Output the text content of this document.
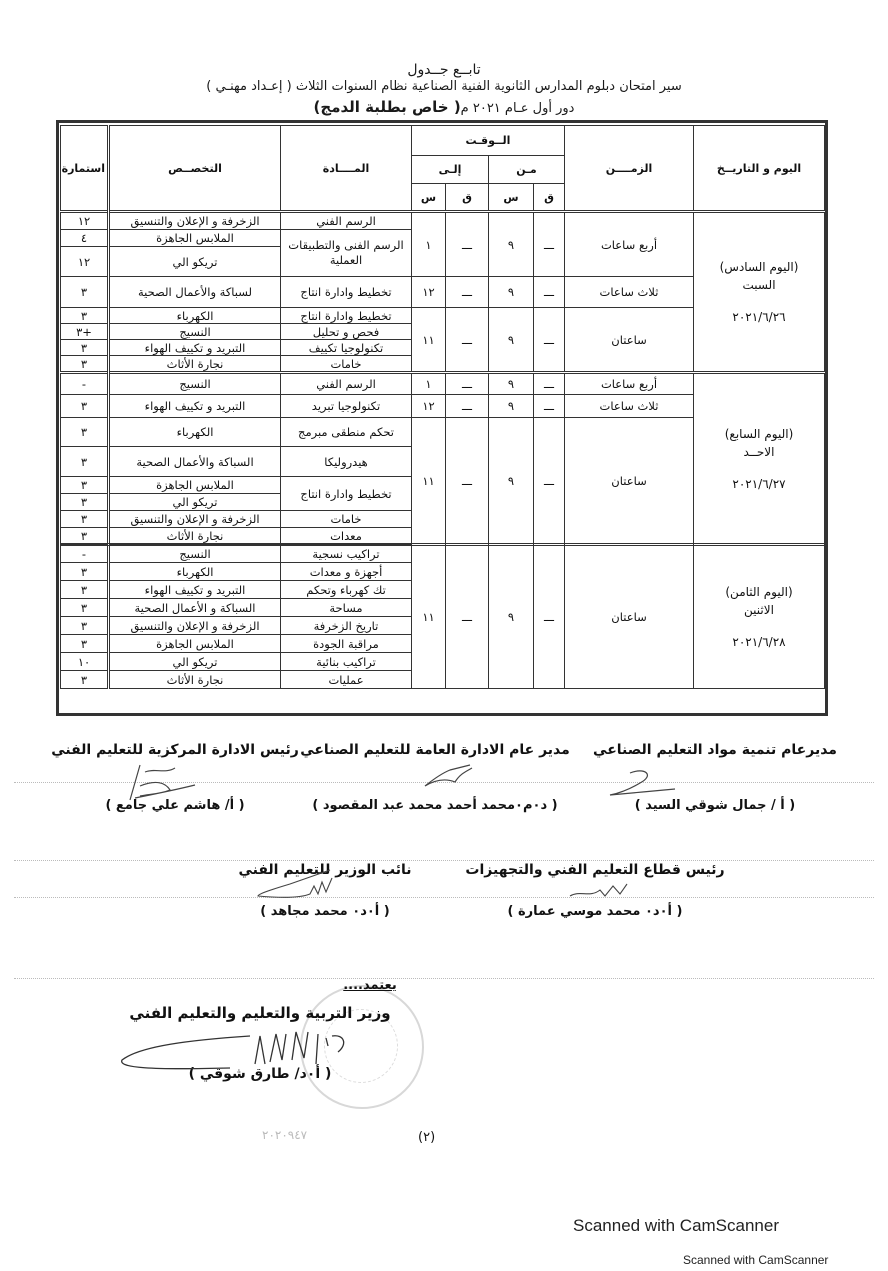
تابــع جــدول
سير امتحان دبلوم المدارس الثانوية الفنية الصناعية نظام السنوات الثلاث ( إعـداد مهنـي )
دور أول عـام ٢٠٢١ م( خاص بطلبة الدمج)
اليوم و التاريــخ	الزمــــن	الــوقـت				المــــادة	التخصــص	استمارة
		مـن		إلـى				
		ق	س	ق	س			

(اليوم السادس)
السبت
٢٠٢١/٦/٢٦	أربع ساعات	ـــ	٩	ـــ	١	الرسم الفني	الزخرفة و الإعلان والتنسيق	١٢
						الرسم الفنى والتطبيقات العملية	الملابس الجاهزة	٤
							تريكو الي	١٢
	ثلاث ساعات	ـــ	٩	ـــ	١٢	تخطيط وادارة انتاج	لسباكة والأعمال الصحية	٣
	ساعتان	ـــ	٩	ـــ	١١	تخطيط وادارة انتاج	الكهرباء	٣
						فحص و تحليل	النسيج	+٣
						تكنولوجيا تكييف	التبريد و تكييف الهواء	٣
						خامات	نجارة الأثاث	٣

(اليوم السابع)
الاحــد
٢٠٢١/٦/٢٧	أربع ساعات	ـــ	٩	ـــ	١	الرسم الفني	النسيج	-
	ثلاث ساعات	ـــ	٩	ـــ	١٢	تكنولوجيا تبريد	التبريد و تكييف الهواء	٣
	ساعتان	ـــ	٩	ـــ	١١	تحكم منطقى مبرمج	الكهرباء	٣
						هيدروليكا	السباكة والأعمال الصحية	٣
						تخطيط وادارة انتاج	الملابس الجاهزة	٣
							تريكو الي	٣
						خامات	الزخرفة و الإعلان والتنسيق	٣
						معدات	نجارة الأثاث	٣

(اليوم الثامن)
الاثنين
٢٠٢١/٦/٢٨	ساعتان	ـــ	٩	ـــ	١١	تراكيب نسجية	النسيج	-
						أجهزة و معدات	الكهرباء	٣
						تك كهرباء وتحكم	التبريد و تكييف الهواء	٣
						مساحة	السباكة و الأعمال الصحية	٣
						تاريخ الزخرفة	الزخرفة و الإعلان والتنسيق	٣
						مراقبة الجودة	الملابس الجاهزة	٣
						تراكيب بنائية	تريكو الي	١٠
						عمليات	نجارة الأثاث	٣
مديرعام تنمية مواد التعليم الصناعي
( أ / جمال شوقي السيد )
مدير عام الادارة العامة للتعليم الصناعي
( د٠م٠محمد أحمد محمد عبد المقصود )
رئيس الادارة المركزية للتعليم الفني
( أ/ هاشم علي جامع )
رئيس قطاع التعليم الفني والتجهيزات
( أ٠د٠ محمد موسي عمارة )
نائب الوزير للتعليم الفني
( أ٠د٠ محمد مجاهد )
يعتمد....
وزير التربية والتعليم والتعليم الفني
( أ٠د/ طارق شوقي )
٢٠٢٠٩٤٧	(٢)
Scanned with CamScanner
Scanned with CamScanner
